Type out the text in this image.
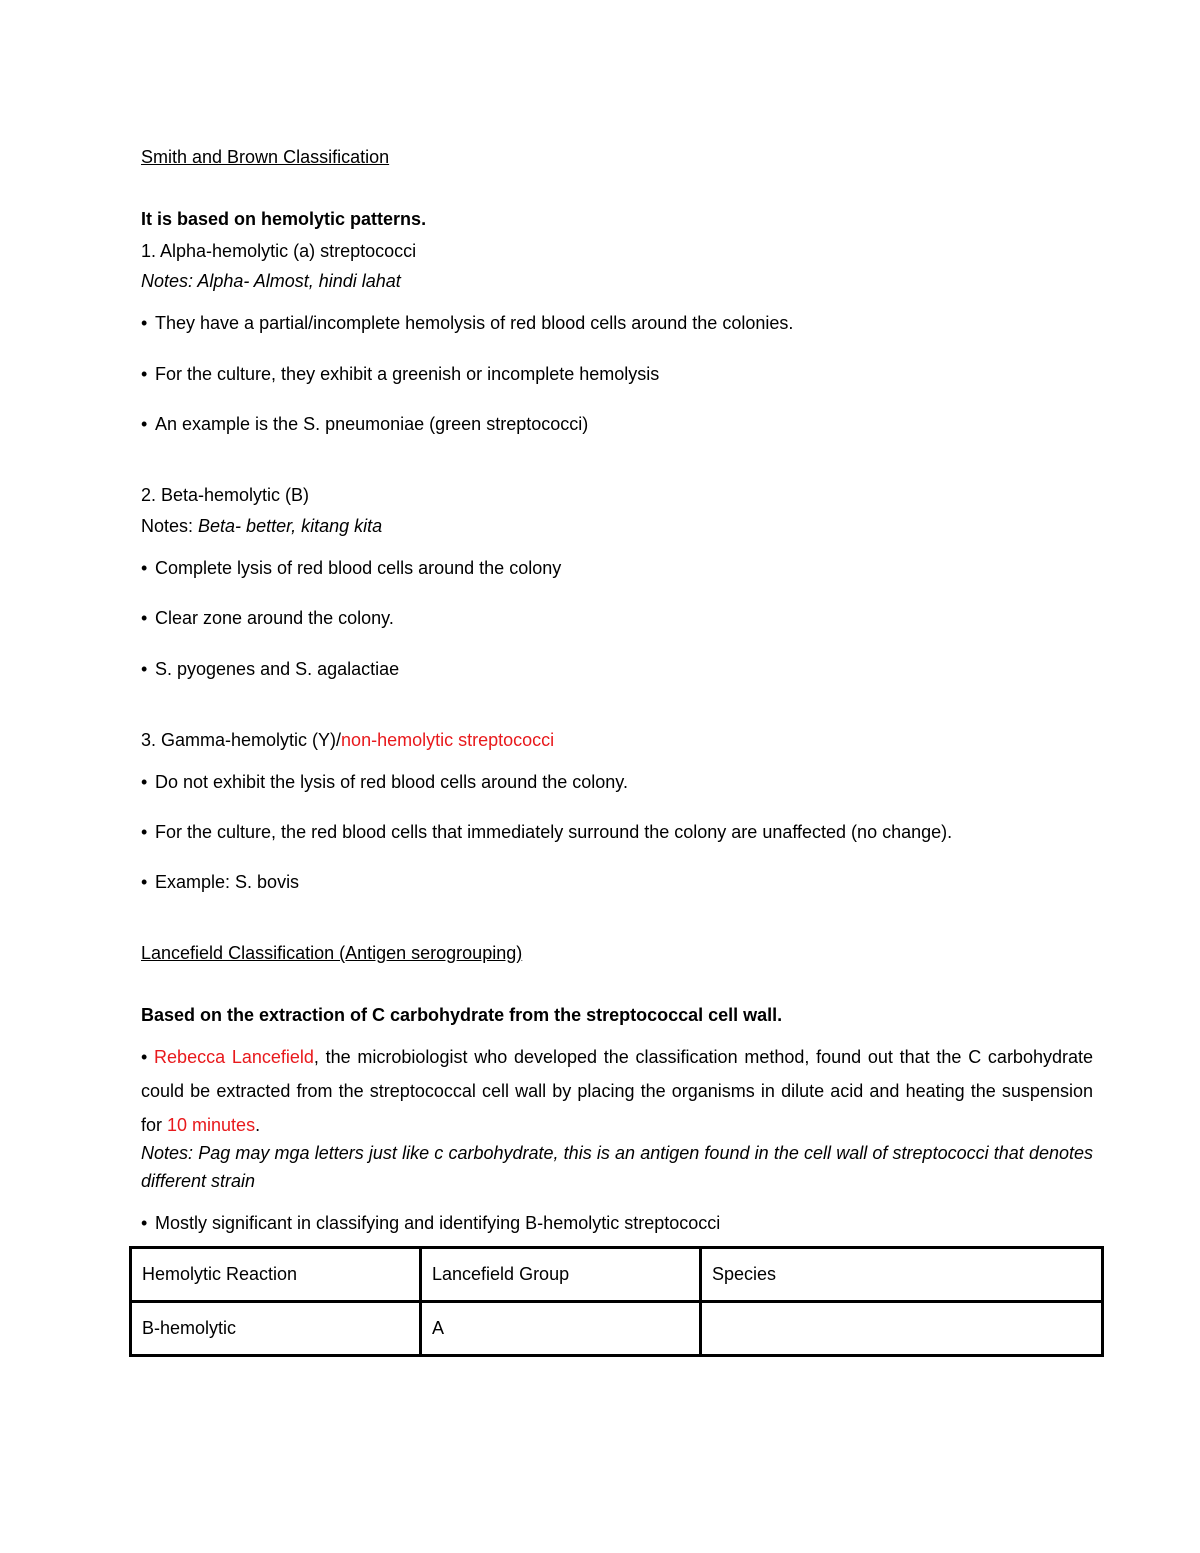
Smith and Brown Classification
It is based on hemolytic patterns.
1. Alpha-hemolytic (a) streptococci
Notes: Alpha- Almost, hindi lahat
• They have a partial/incomplete hemolysis of red blood cells around the colonies.
• For the culture, they exhibit a greenish or incomplete hemolysis
• An example is the S. pneumoniae (green streptococci)
2. Beta-hemolytic (B)
Notes: Beta- better, kitang kita
• Complete lysis of red blood cells around the colony
• Clear zone around the colony.
• S. pyogenes and S. agalactiae
3. Gamma-hemolytic (Y)/non-hemolytic streptococci
• Do not exhibit the lysis of red blood cells around the colony.
• For the culture, the red blood cells that immediately surround the colony are unaffected (no change).
• Example: S. bovis
Lancefield Classification (Antigen serogrouping)
Based on the extraction of C carbohydrate from the streptococcal cell wall.
• Rebecca Lancefield, the microbiologist who developed the classification method, found out that the C carbohydrate could be extracted from the streptococcal cell wall by placing the organisms in dilute acid and heating the suspension for 10 minutes.
Notes: Pag may mga letters just like c carbohydrate, this is an antigen found in the cell wall of streptococci that denotes different strain
• Mostly significant in classifying and identifying B-hemolytic streptococci
Hemolytic Reaction	Lancefield Group	Species
B-hemolytic	A	
